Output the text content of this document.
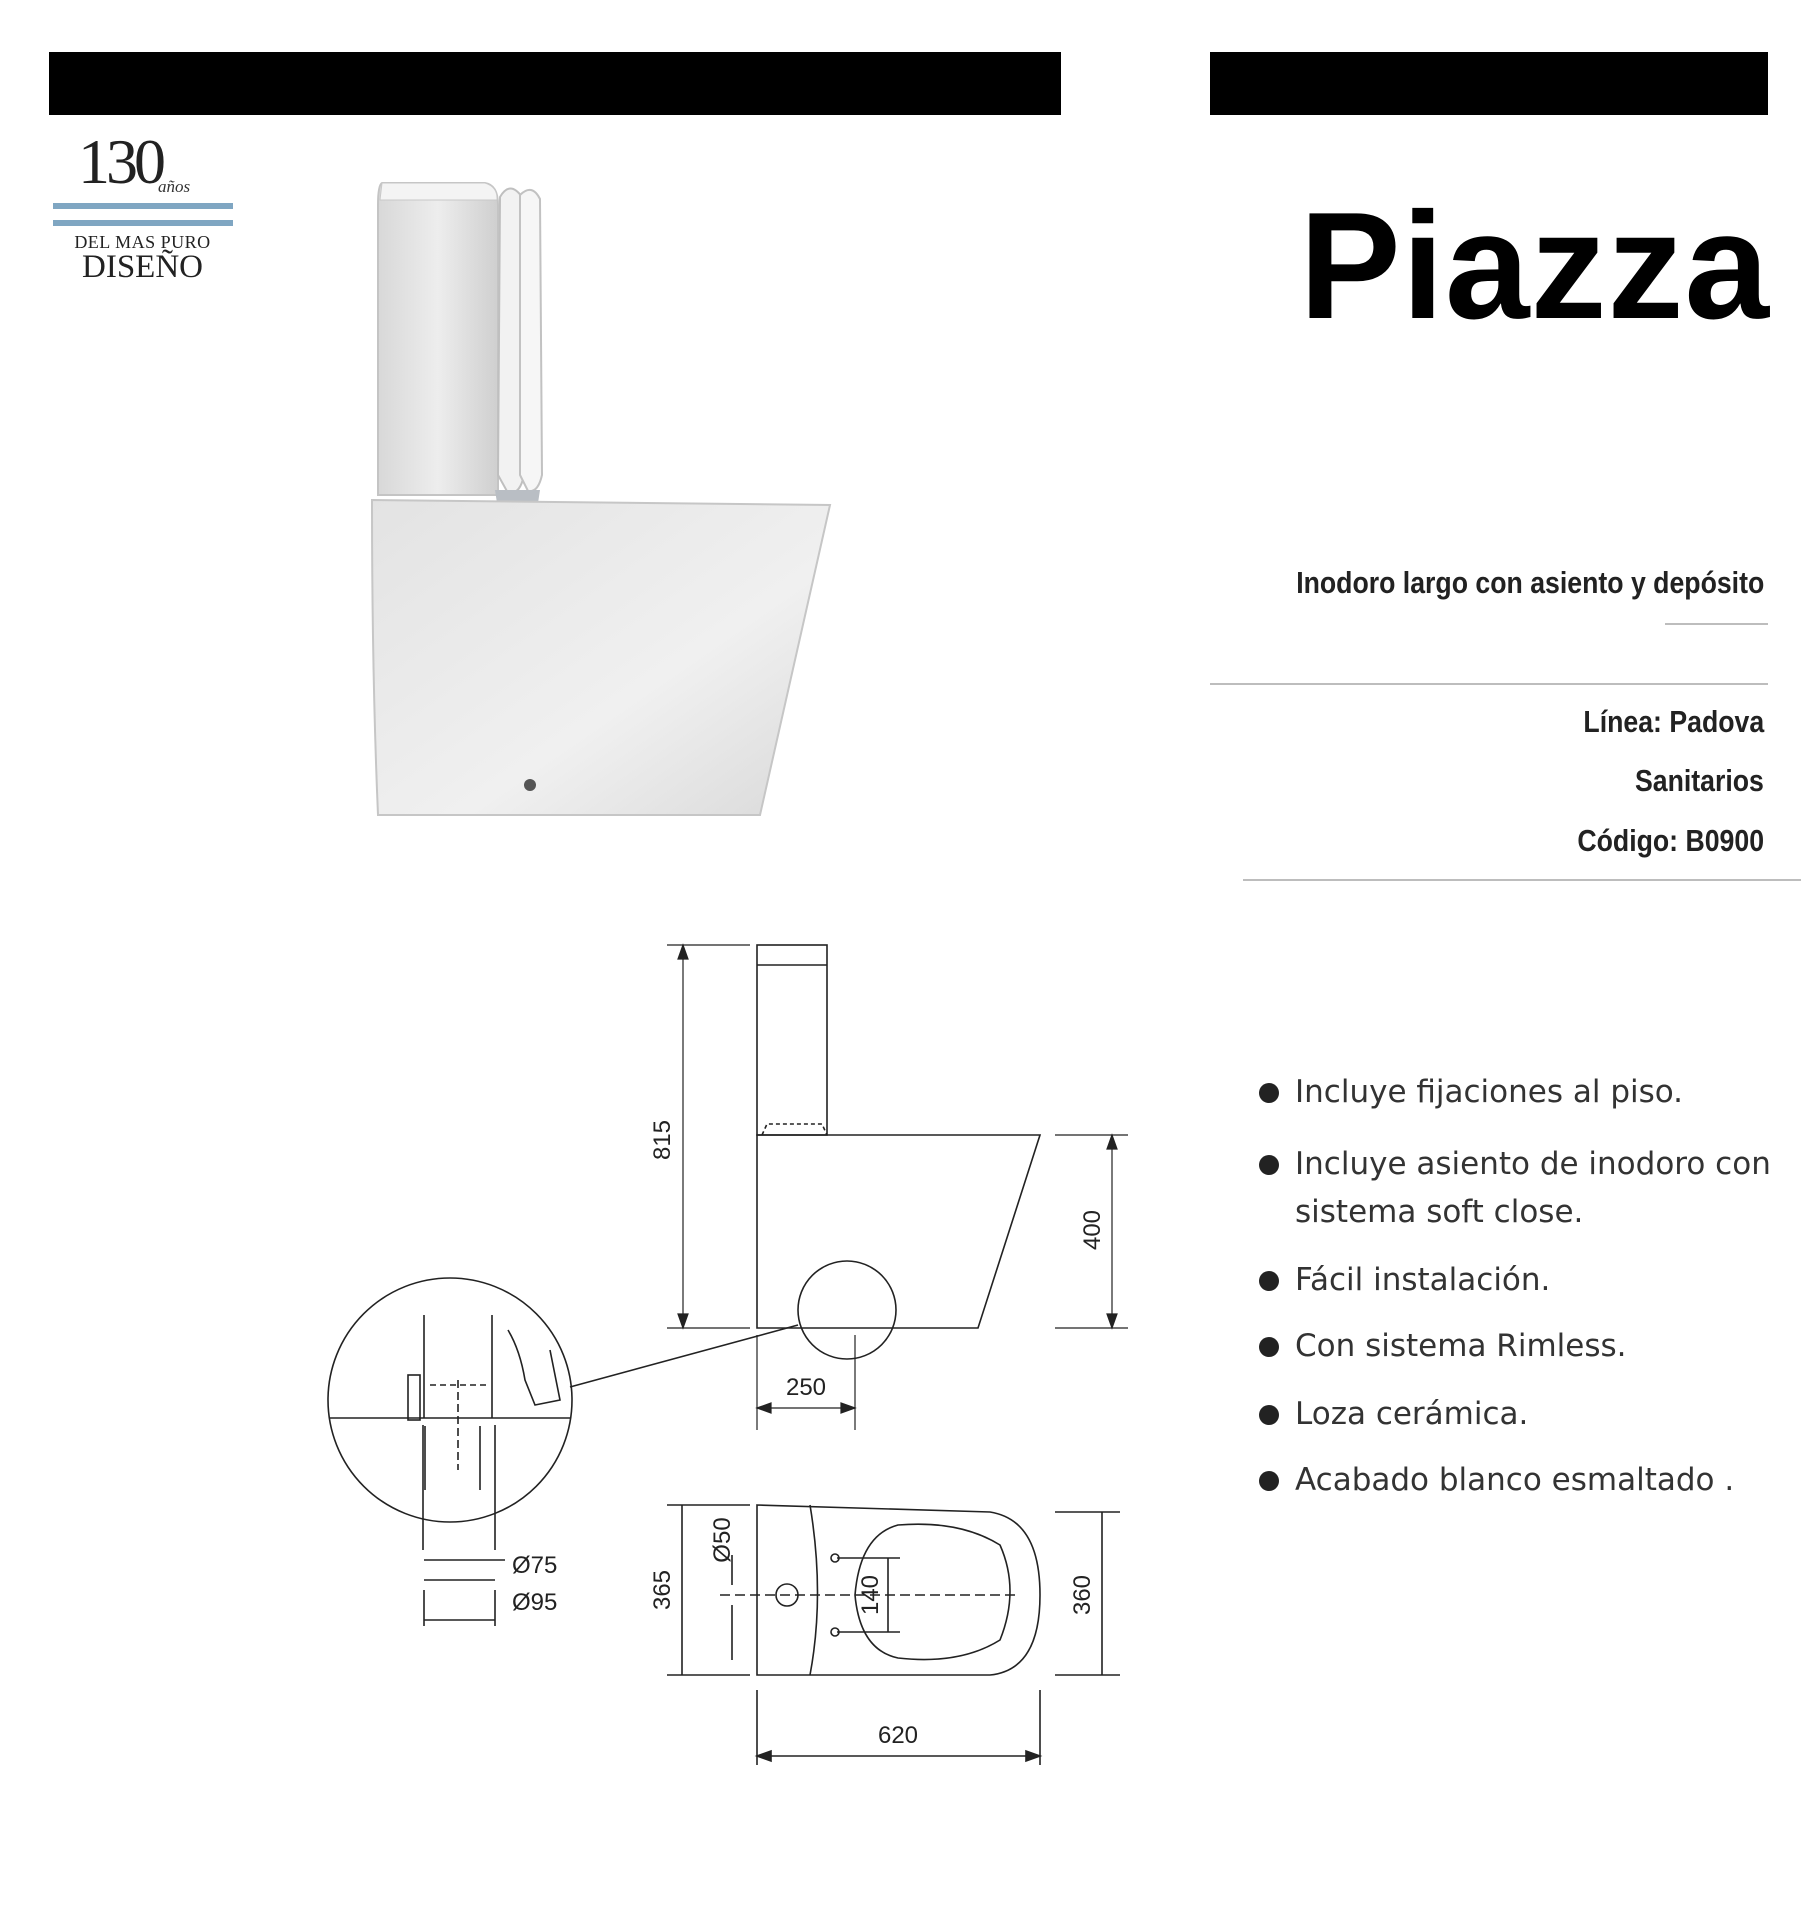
130
años
DEL MAS PURO
DISEÑO	Piazza
Inodoro largo con asiento y depósito
Línea: Padova
Sanitarios
Código: B0900
Incluye fijaciones al piso.
Incluye asiento de inodoro con sistema soft close.
Fácil instalación.
Con sistema Rimless.
Loza cerámica.
Acabado blanco esmaltado .
815
400
250
Ø75
Ø95
Ø50
140
365	360
620
